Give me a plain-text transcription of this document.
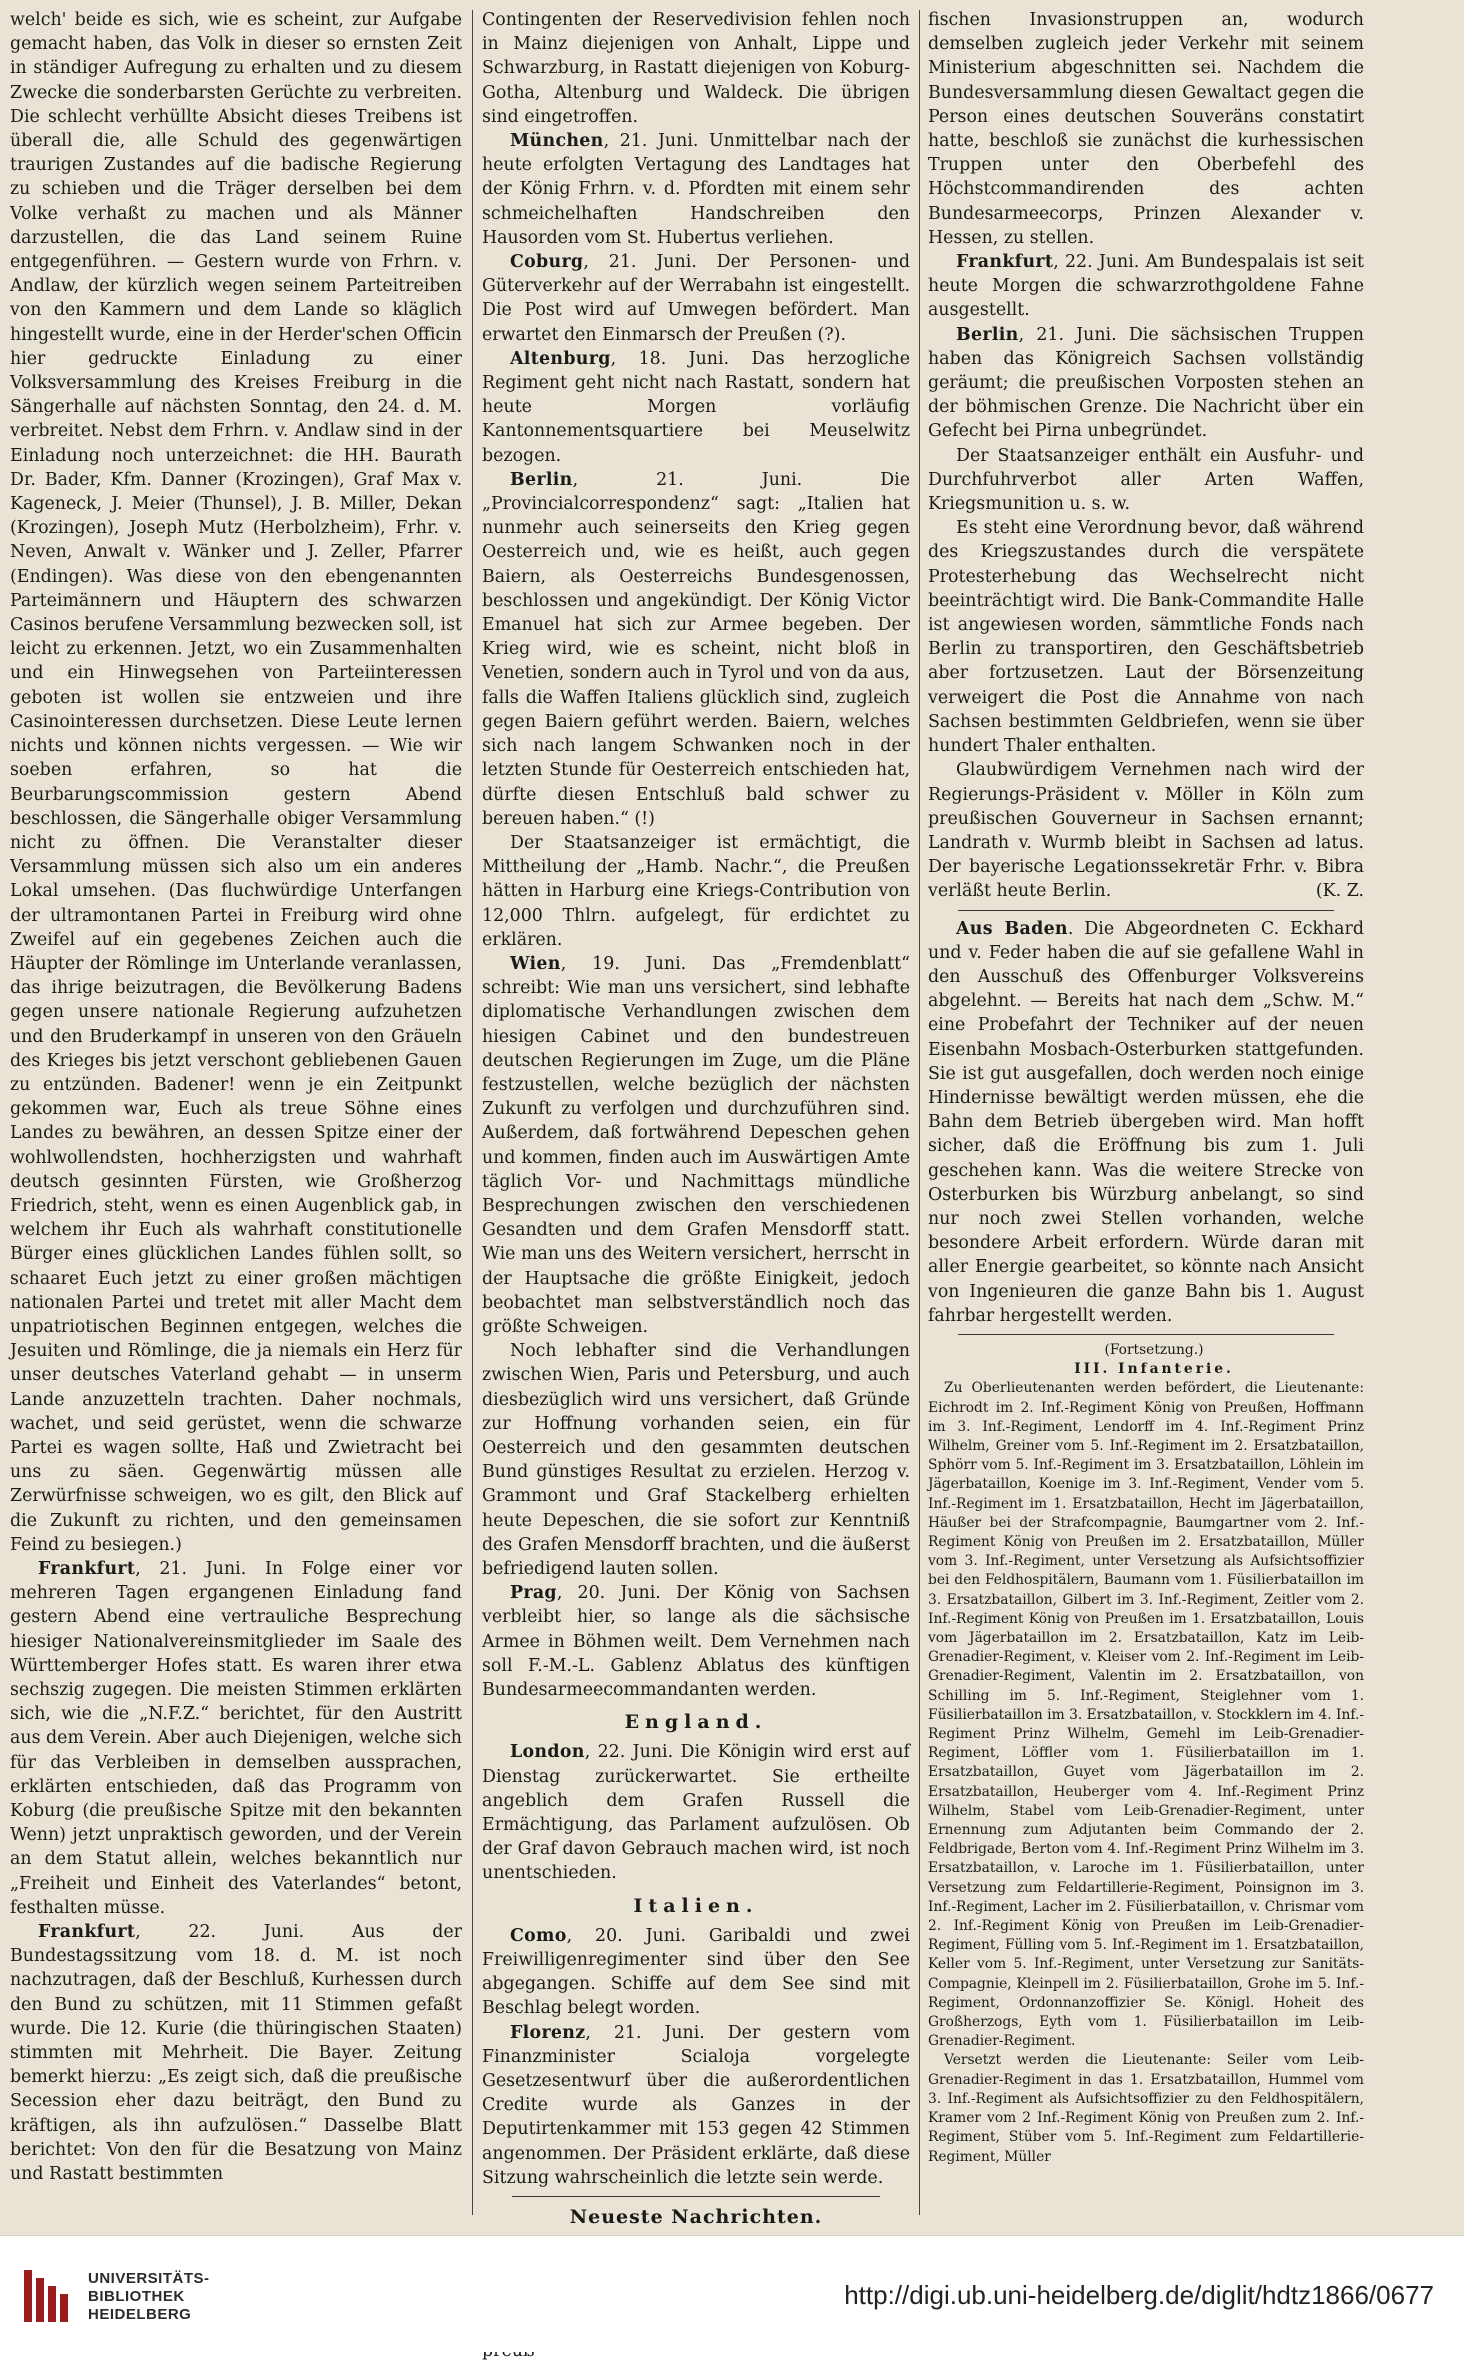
welch' beide es sich, wie es scheint, zur Aufgabe gemacht haben, das Volk in dieser so ernsten Zeit in ständiger Aufregung zu erhalten und zu diesem Zwecke die sonderbarsten Gerüchte zu verbreiten. Die schlecht verhüllte Absicht dieses Treibens ist überall die, alle Schuld des gegenwärtigen traurigen Zustandes auf die badische Regierung zu schieben und die Träger derselben bei dem Volke verhaßt zu machen und als Männer darzustellen, die das Land seinem Ruine entgegenführen. — Gestern wurde von Frhrn. v. Andlaw, der kürzlich wegen seinem Parteitreiben von den Kammern und dem Lande so kläglich hingestellt wurde, eine in der Herder'schen Officin hier gedruckte Einladung zu einer Volksversammlung des Kreises Freiburg in die Sängerhalle auf nächsten Sonntag, den 24. d. M. verbreitet. Nebst dem Frhrn. v. Andlaw sind in der Einladung noch unterzeichnet: die HH. Baurath Dr. Bader, Kfm. Danner (Krozingen), Graf Max v. Kageneck, J. Meier (Thunsel), J. B. Miller, Dekan (Krozingen), Joseph Mutz (Herbolzheim), Frhr. v. Neven, Anwalt v. Wänker und J. Zeller, Pfarrer (Endingen). Was diese von den ebengenannten Parteimännern und Häuptern des schwarzen Casinos berufene Versammlung bezwecken soll, ist leicht zu erkennen. Jetzt, wo ein Zusammenhalten und ein Hinwegsehen von Parteiinteressen geboten ist wollen sie entzweien und ihre Casinointeressen durchsetzen. Diese Leute lernen nichts und können nichts vergessen. — Wie wir soeben erfahren, so hat die Beurbarungscommission gestern Abend beschlossen, die Sängerhalle obiger Versammlung nicht zu öffnen. Die Veranstalter dieser Versammlung müssen sich also um ein anderes Lokal umsehen. (Das fluchwürdige Unterfangen der ultramontanen Partei in Freiburg wird ohne Zweifel auf ein gegebenes Zeichen auch die Häupter der Römlinge im Unterlande veranlassen, das ihrige beizutragen, die Bevölkerung Badens gegen unsere nationale Regierung aufzuhetzen und den Bruderkampf in unseren von den Gräueln des Krieges bis jetzt verschont gebliebenen Gauen zu entzünden. Badener! wenn je ein Zeitpunkt gekommen war, Euch als treue Söhne eines Landes zu bewähren, an dessen Spitze einer der wohlwollendsten, hochherzigsten und wahrhaft deutsch gesinnten Fürsten, wie Großherzog Friedrich, steht, wenn es einen Augenblick gab, in welchem ihr Euch als wahrhaft constitutionelle Bürger eines glücklichen Landes fühlen sollt, so schaaret Euch jetzt zu einer großen mächtigen nationalen Partei und tretet mit aller Macht dem unpatriotischen Beginnen entgegen, welches die Jesuiten und Römlinge, die ja niemals ein Herz für unser deutsches Vaterland gehabt — in unserm Lande anzuzetteln trachten. Daher nochmals, wachet, und seid gerüstet, wenn die schwarze Partei es wagen sollte, Haß und Zwietracht bei uns zu säen. Gegenwärtig müssen alle Zerwürfnisse schweigen, wo es gilt, den Blick auf die Zukunft zu richten, und den gemeinsamen Feind zu besiegen.)

Frankfurt, 21. Juni. In Folge einer vor mehreren Tagen ergangenen Einladung fand gestern Abend eine vertrauliche Besprechung hiesiger Nationalvereinsmitglieder im Saale des Württemberger Hofes statt. Es waren ihrer etwa sechszig zugegen. Die meisten Stimmen erklärten sich, wie die „N.F.Z.“ berichtet, für den Austritt aus dem Verein. Aber auch Diejenigen, welche sich für das Verbleiben in demselben aussprachen, erklärten entschieden, daß das Programm von Koburg (die preußische Spitze mit den bekannten Wenn) jetzt unpraktisch geworden, und der Verein an dem Statut allein, welches bekanntlich nur „Freiheit und Einheit des Vaterlandes“ betont, festhalten müsse.

Frankfurt, 22. Juni. Aus der Bundestagssitzung vom 18. d. M. ist noch nachzutragen, daß der Beschluß, Kurhessen durch den Bund zu schützen, mit 11 Stimmen gefaßt wurde. Die 12. Kurie (die thüringischen Staaten) stimmten mit Mehrheit. Die Bayer. Zeitung bemerkt hierzu: „Es zeigt sich, daß die preußische Secession eher dazu beiträgt, den Bund zu kräftigen, als ihn aufzulösen.“ Dasselbe Blatt berichtet: Von den für die Besatzung von Mainz und Rastatt bestimmten

Contingenten der Reservedivision fehlen noch in Mainz diejenigen von Anhalt, Lippe und Schwarzburg, in Rastatt diejenigen von Koburg-Gotha, Altenburg und Waldeck. Die übrigen sind eingetroffen.

München, 21. Juni. Unmittelbar nach der heute erfolgten Vertagung des Landtages hat der König Frhrn. v. d. Pfordten mit einem sehr schmeichelhaften Handschreiben den Hausorden vom St. Hubertus verliehen.

Coburg, 21. Juni. Der Personen- und Güterverkehr auf der Werrabahn ist eingestellt. Die Post wird auf Umwegen befördert. Man erwartet den Einmarsch der Preußen (?).

Altenburg, 18. Juni. Das herzogliche Regiment geht nicht nach Rastatt, sondern hat heute Morgen vorläufig Kantonnementsquartiere bei Meuselwitz bezogen.

Berlin, 21. Juni. Die „Provincialcorrespondenz“ sagt: „Italien hat nunmehr auch seinerseits den Krieg gegen Oesterreich und, wie es heißt, auch gegen Baiern, als Oesterreichs Bundesgenossen, beschlossen und angekündigt. Der König Victor Emanuel hat sich zur Armee begeben. Der Krieg wird, wie es scheint, nicht bloß in Venetien, sondern auch in Tyrol und von da aus, falls die Waffen Italiens glücklich sind, zugleich gegen Baiern geführt werden. Baiern, welches sich nach langem Schwanken noch in der letzten Stunde für Oesterreich entschieden hat, dürfte diesen Entschluß bald schwer zu bereuen haben.“ (!)

Der Staatsanzeiger ist ermächtigt, die Mittheilung der „Hamb. Nachr.“, die Preußen hätten in Harburg eine Kriegs-Contribution von 12,000 Thlrn. aufgelegt, für erdichtet zu erklären.

Wien, 19. Juni. Das „Fremdenblatt“ schreibt: Wie man uns versichert, sind lebhafte diplomatische Verhandlungen zwischen dem hiesigen Cabinet und den bundestreuen deutschen Regierungen im Zuge, um die Pläne festzustellen, welche bezüglich der nächsten Zukunft zu verfolgen und durchzuführen sind. Außerdem, daß fortwährend Depeschen gehen und kommen, finden auch im Auswärtigen Amte täglich Vor- und Nachmittags mündliche Besprechungen zwischen den verschiedenen Gesandten und dem Grafen Mensdorff statt. Wie man uns des Weitern versichert, herrscht in der Hauptsache die größte Einigkeit, jedoch beobachtet man selbstverständlich noch das größte Schweigen.

Noch lebhafter sind die Verhandlungen zwischen Wien, Paris und Petersburg, und auch diesbezüglich wird uns versichert, daß Gründe zur Hoffnung vorhanden seien, ein für Oesterreich und den gesammten deutschen Bund günstiges Resultat zu erzielen. Herzog v. Grammont und Graf Stackelberg erhielten heute Depeschen, die sie sofort zur Kenntniß des Grafen Mensdorff brachten, und die äußerst befriedigend lauten sollen.

Prag, 20. Juni. Der König von Sachsen verbleibt hier, so lange als die sächsische Armee in Böhmen weilt. Dem Vernehmen nach soll F.-M.-L. Gablenz Ablatus des künftigen Bundesarmeecommandanten werden.

England.

London, 22. Juni. Die Königin wird erst auf Dienstag zurückerwartet. Sie ertheilte angeblich dem Grafen Russell die Ermächtigung, das Parlament aufzulösen. Ob der Graf davon Gebrauch machen wird, ist noch unentschieden.

Italien.

Como, 20. Juni. Garibaldi und zwei Freiwilligenregimenter sind über den See abgegangen. Schiffe auf dem See sind mit Beschlag belegt worden.

Florenz, 21. Juni. Der gestern vom Finanzminister Scialoja vorgelegte Gesetzesentwurf über die außerordentlichen Credite wurde als Ganzes in der Deputirtenkammer mit 153 gegen 42 Stimmen angenommen. Der Präsident erklärte, daß diese Sitzung wahrscheinlich die letzte sein werde.

Neueste Nachrichten.

fischen Invasionstruppen an, wodurch demselben zugleich jeder Verkehr mit seinem Ministerium abgeschnitten sei. Nachdem die Bundesversammlung diesen Gewaltact gegen die Person eines deutschen Souveräns constatirt hatte, beschloß sie zunächst die kurhessischen Truppen unter den Oberbefehl des Höchstcommandirenden des achten Bundesarmeecorps, Prinzen Alexander v. Hessen, zu stellen.

Frankfurt, 22. Juni. Am Bundespalais ist seit heute Morgen die schwarzrothgoldene Fahne ausgestellt.

Berlin, 21. Juni. Die sächsischen Truppen haben das Königreich Sachsen vollständig geräumt; die preußischen Vorposten stehen an der böhmischen Grenze. Die Nachricht über ein Gefecht bei Pirna unbegründet.

Der Staatsanzeiger enthält ein Ausfuhr- und Durchfuhrverbot aller Arten Waffen, Kriegsmunition u. s. w.

Es steht eine Verordnung bevor, daß während des Kriegszustandes durch die verspätete Protesterhebung das Wechselrecht nicht beeinträchtigt wird. Die Bank-Commandite Halle ist angewiesen worden, sämmtliche Fonds nach Berlin zu transportiren, den Geschäftsbetrieb aber fortzusetzen. Laut der Börsenzeitung verweigert die Post die Annahme von nach Sachsen bestimmten Geldbriefen, wenn sie über hundert Thaler enthalten.

Glaubwürdigem Vernehmen nach wird der Regierungs-Präsident v. Möller in Köln zum preußischen Gouverneur in Sachsen ernannt; Landrath v. Wurmb bleibt in Sachsen ad latus. Der bayerische Legationssekretär Frhr. v. Bibra verläßt heute Berlin.	(K. Z.

Aus Baden. Die Abgeordneten C. Eckhard und v. Feder haben die auf sie gefallene Wahl in den Ausschuß des Offenburger Volksvereins abgelehnt. — Bereits hat nach dem „Schw. M.“ eine Probefahrt der Techniker auf der neuen Eisenbahn Mosbach-Osterburken stattgefunden. Sie ist gut ausgefallen, doch werden noch einige Hindernisse bewältigt werden müssen, ehe die Bahn dem Betrieb übergeben wird. Man hofft sicher, daß die Eröffnung bis zum 1. Juli geschehen kann. Was die weitere Strecke von Osterburken bis Würzburg anbelangt, so sind nur noch zwei Stellen vorhanden, welche besondere Arbeit erfordern. Würde daran mit aller Energie gearbeitet, so könnte nach Ansicht von Ingenieuren die ganze Bahn bis 1. August fahrbar hergestellt werden.

(Fortsetzung.)

III. Infanterie.

Zu Oberlieutenanten werden befördert, die Lieutenante: Eichrodt im 2. Inf.-Regiment König von Preußen, Hoffmann im 3. Inf.-Regiment, Lendorff im 4. Inf.-Regiment Prinz Wilhelm, Greiner vom 5. Inf.-Regiment im 2. Ersatzbataillon, Sphörr vom 5. Inf.-Regiment im 3. Ersatzbataillon, Löhlein im Jägerbataillon, Koenige im 3. Inf.-Regiment, Vender vom 5. Inf.-Regiment im 1. Ersatzbataillon, Hecht im Jägerbataillon, Häußer bei der Strafcompagnie, Baumgartner vom 2. Inf.-Regiment König von Preußen im 2. Ersatzbataillon, Müller vom 3. Inf.-Regiment, unter Versetzung als Aufsichtsoffizier bei den Feldhospitälern, Baumann vom 1. Füsilierbataillon im 3. Ersatzbataillon, Gilbert im 3. Inf.-Regiment, Zeitler vom 2. Inf.-Regiment König von Preußen im 1. Ersatzbataillon, Louis vom Jägerbataillon im 2. Ersatzbataillon, Katz im Leib-Grenadier-Regiment, v. Kleiser vom 2. Inf.-Regiment im Leib-Grenadier-Regiment, Valentin im 2. Ersatzbataillon, von Schilling im 5. Inf.-Regiment, Steiglehner vom 1. Füsilierbataillon im 3. Ersatzbataillon, v. Stockklern im 4. Inf.-Regiment Prinz Wilhelm, Gemehl im Leib-Grenadier-Regiment, Löffler vom 1. Füsilierbataillon im 1. Ersatzbataillon, Guyet vom Jägerbataillon im 2. Ersatzbataillon, Heuberger vom 4. Inf.-Regiment Prinz Wilhelm, Stabel vom Leib-Grenadier-Regiment, unter Ernennung zum Adjutanten beim Commando der 2. Feldbrigade, Berton vom 4. Inf.-Regiment Prinz Wilhelm im 3. Ersatzbataillon, v. Laroche im 1. Füsilierbataillon, unter Versetzung zum Feldartillerie-Regiment, Poinsignon im 3. Inf.-Regiment, Lacher im 2. Füsilierbataillon, v. Chrismar vom 2. Inf.-Regiment König von Preußen im Leib-Grenadier-Regiment, Fülling vom 5. Inf.-Regiment im 1. Ersatzbataillon, Keller vom 5. Inf.-Regiment, unter Versetzung zur Sanitäts-Compagnie, Kleinpell im 2. Füsilierbataillon, Grohe im 5. Inf.-Regiment, Ordonnanzoffizier Se. Königl. Hoheit des Großherzogs, Eyth vom 1. Füsilierbataillon im Leib-Grenadier-Regiment.

Versetzt werden die Lieutenante: Seiler vom Leib-Grenadier-Regiment in das 1. Ersatzbataillon, Hummel vom 3. Inf.-Regiment als Aufsichtsoffizier zu den Feldhospitälern, Kramer vom 2 Inf.-Regiment König von Preußen zum 2. Inf.-Regiment, Stüber vom 5. Inf.-Regiment zum Feldartillerie-Regiment, Müller

UNIVERSITÄTS-
BIBLIOTHEK
HEIDELBERG
http://digi.ub.uni-heidelberg.de/diglit/hdtz1866/0677
